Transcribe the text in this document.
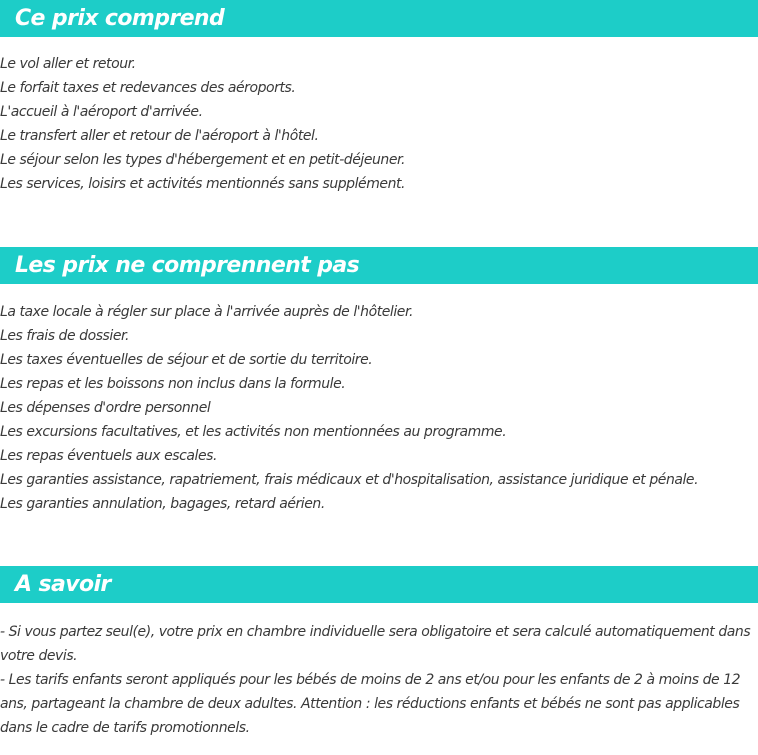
Ce prix comprend
Le vol aller et retour.
Le forfait taxes et redevances des aéroports.
L'accueil à l'aéroport d'arrivée.
Le transfert aller et retour de l'aéroport à l'hôtel.
Le séjour selon les types d'hébergement et en petit-déjeuner.
Les services, loisirs et activités mentionnés sans supplément.
Les prix ne comprennent pas
La taxe locale à régler sur place à l'arrivée auprès de l'hôtelier.
Les frais de dossier.
Les taxes éventuelles de séjour et de sortie du territoire.
Les repas et les boissons non inclus dans la formule.
Les dépenses d'ordre personnel
Les excursions facultatives, et les activités non mentionnées au programme.
Les repas éventuels aux escales.
Les garanties assistance, rapatriement, frais médicaux et d'hospitalisation, assistance juridique et pénale.
Les garanties annulation, bagages, retard aérien.
A savoir

- Si vous partez seul(e), votre prix en chambre individuelle sera obligatoire et sera calculé automatiquement dans votre devis.

- Les tarifs enfants seront appliqués pour les bébés de moins de 2 ans et/ou pour les enfants de 2 à moins de 12 ans, partageant la chambre de deux adultes. Attention : les réductions enfants et bébés ne sont pas applicables dans le cadre de tarifs promotionnels.
